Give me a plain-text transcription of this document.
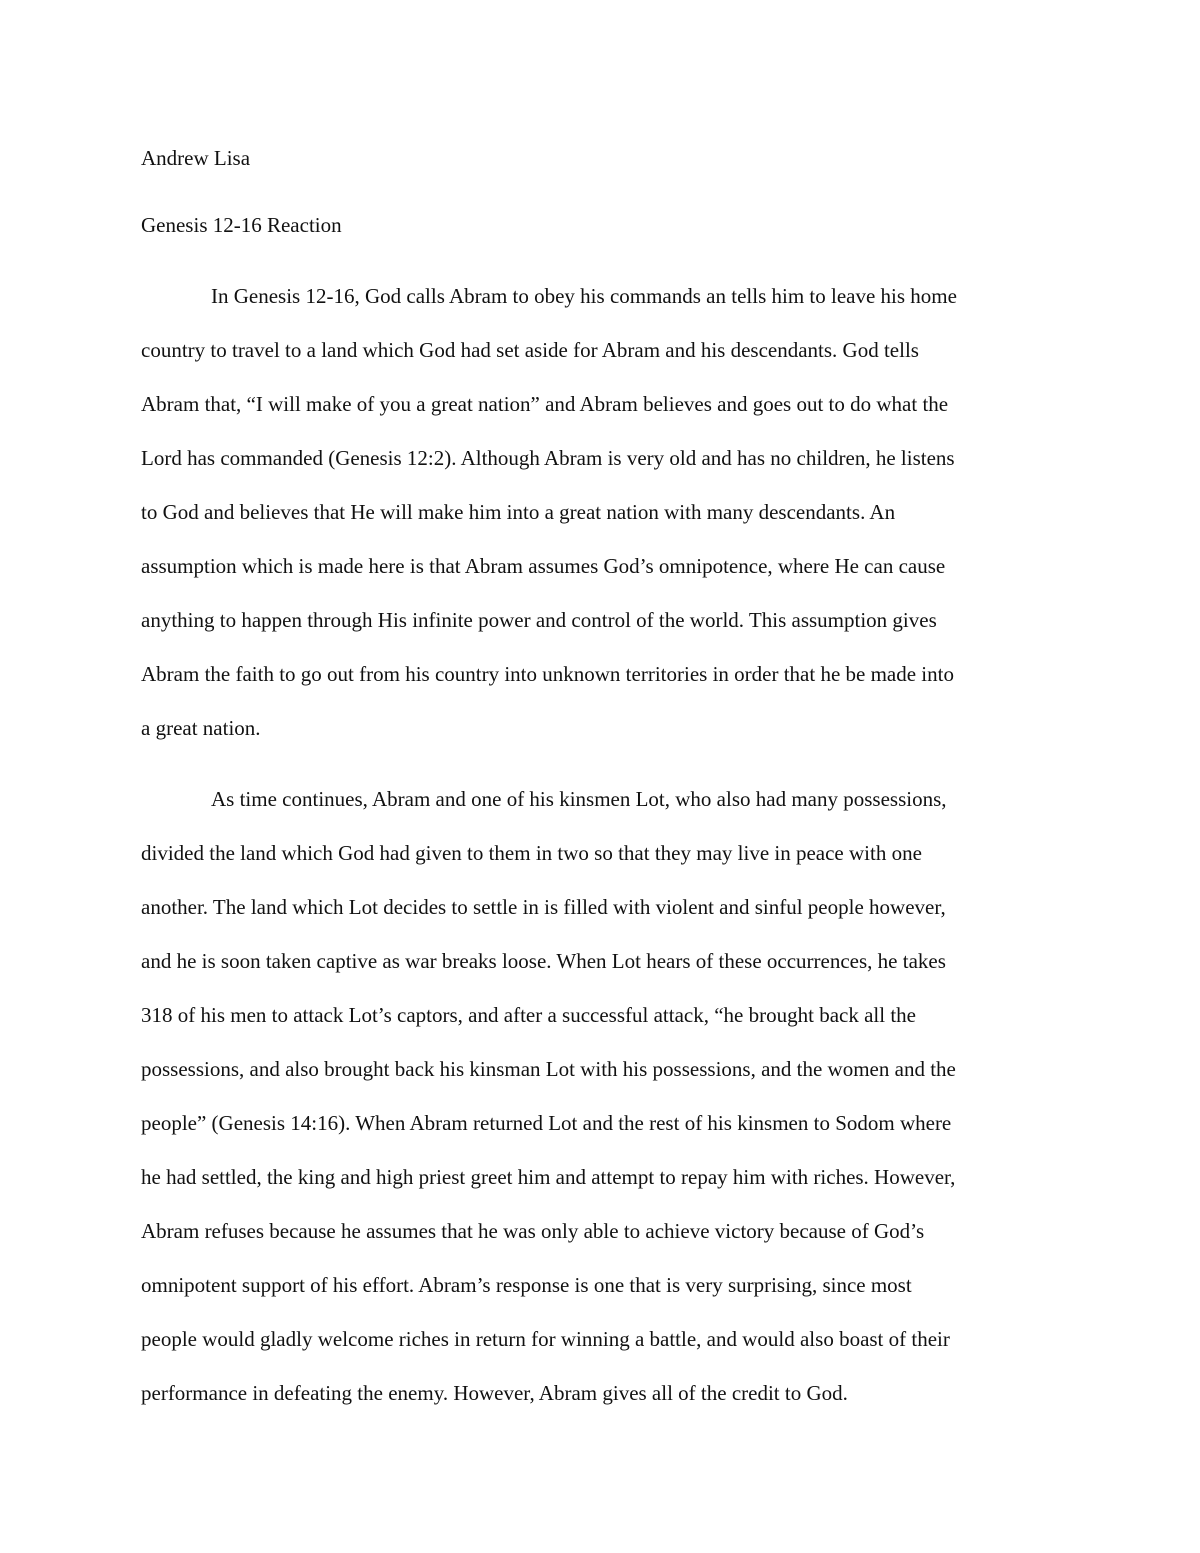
Andrew Lisa
Genesis 12-16 Reaction
In Genesis 12-16, God calls Abram to obey his commands an tells him to leave his home
country to travel to a land which God had set aside for Abram and his descendants. God tells
Abram that, “I will make of you a great nation” and Abram believes and goes out to do what the
Lord has commanded (Genesis 12:2). Although Abram is very old and has no children, he listens
to God and believes that He will make him into a great nation with many descendants. An
assumption which is made here is that Abram assumes God’s omnipotence, where He can cause
anything to happen through His infinite power and control of the world. This assumption gives
Abram the faith to go out from his country into unknown territories in order that he be made into
a great nation.
As time continues, Abram and one of his kinsmen Lot, who also had many possessions,
divided the land which God had given to them in two so that they may live in peace with one
another. The land which Lot decides to settle in is filled with violent and sinful people however,
and he is soon taken captive as war breaks loose. When Lot hears of these occurrences, he takes
318 of his men to attack Lot’s captors, and after a successful attack, “he brought back all the
possessions, and also brought back his kinsman Lot with his possessions, and the women and the
people” (Genesis 14:16). When Abram returned Lot and the rest of his kinsmen to Sodom where
he had settled, the king and high priest greet him and attempt to repay him with riches. However,
Abram refuses because he assumes that he was only able to achieve victory because of God’s
omnipotent support of his effort. Abram’s response is one that is very surprising, since most
people would gladly welcome riches in return for winning a battle, and would also boast of their
performance in defeating the enemy. However, Abram gives all of the credit to God.
